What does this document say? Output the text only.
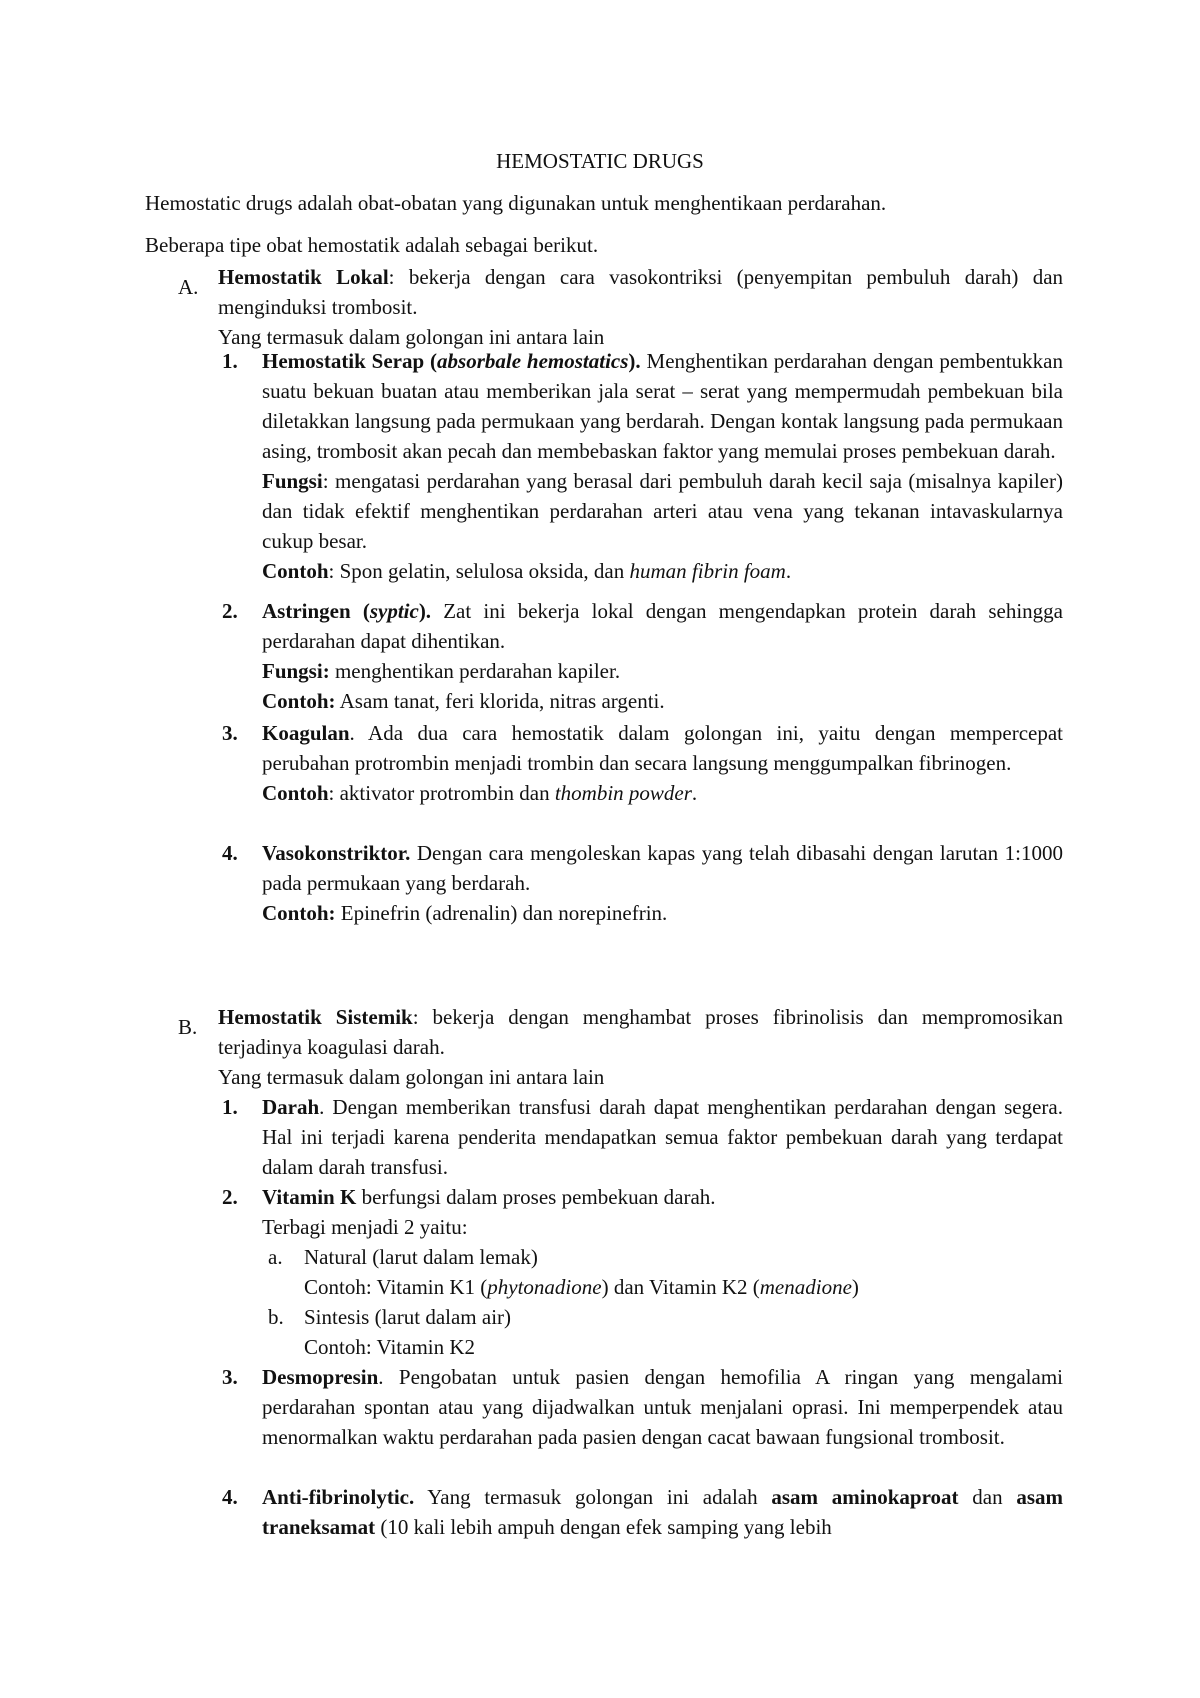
HEMOSTATIC DRUGS
Hemostatic drugs adalah obat-obatan yang digunakan untuk menghentikaan perdarahan.
Beberapa tipe obat hemostatik adalah sebagai berikut.
A. Hemostatik Lokal: bekerja dengan cara vasokontriksi (penyempitan pembuluh darah) dan menginduksi trombosit.

Yang termasuk dalam golongan ini antara lain

1. Hemostatik Serap (absorbale hemostatics). Menghentikan perdarahan dengan pembentukkan suatu bekuan buatan atau memberikan jala serat – serat yang mempermudah pembekuan bila diletakkan langsung pada permukaan yang berdarah. Dengan kontak langsung pada permukaan asing, trombosit akan pecah dan membebaskan faktor yang memulai proses pembekuan darah.

Fungsi: mengatasi perdarahan yang berasal dari pembuluh darah kecil saja (misalnya kapiler) dan tidak efektif menghentikan perdarahan arteri atau vena yang tekanan intavaskularnya cukup besar.

Contoh: Spon gelatin, selulosa oksida, dan human fibrin foam.

2. Astringen (syptic). Zat ini bekerja lokal dengan mengendapkan protein darah sehingga perdarahan dapat dihentikan.

Fungsi: menghentikan perdarahan kapiler.

Contoh: Asam tanat, feri klorida, nitras argenti.

3. Koagulan. Ada dua cara hemostatik dalam golongan ini, yaitu dengan mempercepat perubahan protrombin menjadi trombin dan secara langsung menggumpalkan fibrinogen.

Contoh: aktivator protrombin dan thombin powder.

4. Vasokonstriktor. Dengan cara mengoleskan kapas yang telah dibasahi dengan larutan 1:1000 pada permukaan yang berdarah.

Contoh: Epinefrin (adrenalin) dan norepinefrin.

B. Hemostatik Sistemik: bekerja dengan menghambat proses fibrinolisis dan mempromosikan terjadinya koagulasi darah.

Yang termasuk dalam golongan ini antara lain

1. Darah. Dengan memberikan transfusi darah dapat menghentikan perdarahan dengan segera. Hal ini terjadi karena penderita mendapatkan semua faktor pembekuan darah yang terdapat dalam darah transfusi.

2. Vitamin K berfungsi dalam proses pembekuan darah.

Terbagi menjadi 2 yaitu:

a. Natural (larut dalam lemak)

Contoh: Vitamin K1 (phytonadione) dan Vitamin K2 (menadione)

b. Sintesis (larut dalam air)

Contoh: Vitamin K2

3. Desmopresin. Pengobatan untuk pasien dengan hemofilia A ringan yang mengalami perdarahan spontan atau yang dijadwalkan untuk menjalani oprasi. Ini memperpendek atau menormalkan waktu perdarahan pada pasien dengan cacat bawaan fungsional trombosit.

4. Anti-fibrinolytic. Yang termasuk golongan ini adalah asam aminokaproat dan asam traneksamat (10 kali lebih ampuh dengan efek samping yang lebih
